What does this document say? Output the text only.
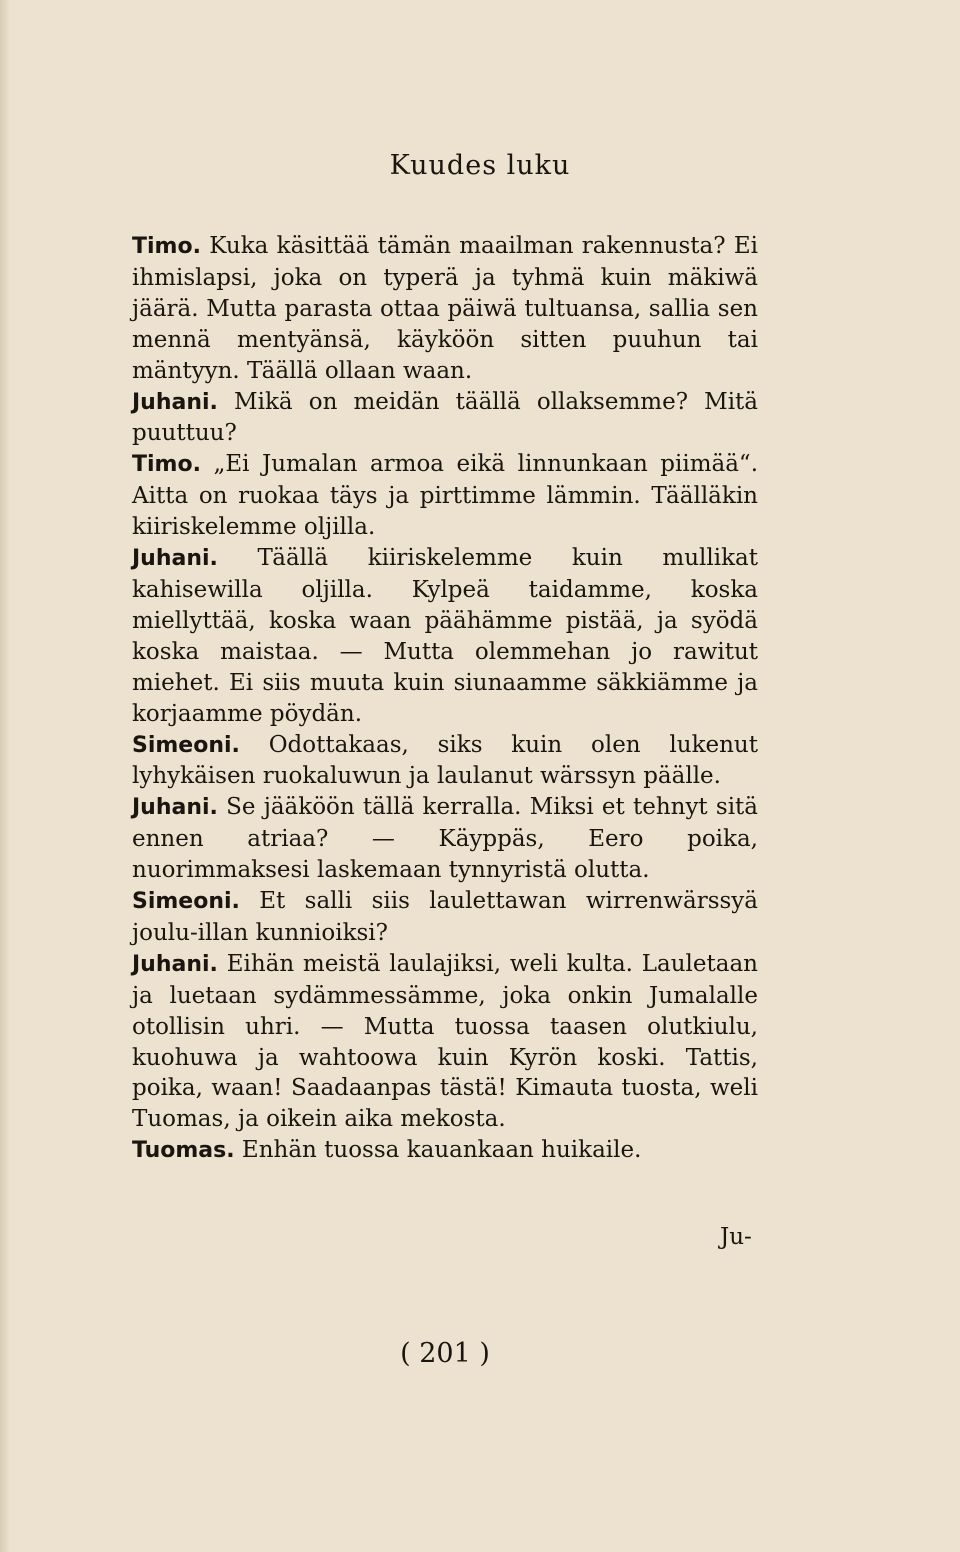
Kuudes luku

Timo. Kuka käsittää tämän maailman rakennusta? Ei ihmislapsi, joka on typerä ja tyhmä kuin mäkiwä jäärä. Mutta parasta ottaa päiwä tultuansa, sallia sen mennä mentyänsä, käyköön sitten puuhun tai mäntyyn. Täällä ollaan waan.

Juhani. Mikä on meidän täällä ollaksemme? Mitä puuttuu?

Timo. „Ei Jumalan armoa eikä linnunkaan piimää“. Aitta on ruokaa täys ja pirttimme lämmin. Täälläkin kiiriskelemme oljilla.

Juhani. Täällä kiiriskelemme kuin mullikat kahisewilla oljilla. Kylpeä taidamme, koska miellyttää, koska waan päähämme pistää, ja syödä koska maistaa. — Mutta olemmehan jo rawitut miehet. Ei siis muuta kuin siunaamme säkkiämme ja korjaamme pöydän.

Simeoni. Odottakaas, siks kuin olen lukenut lyhykäisen ruokaluwun ja laulanut wärssyn päälle.

Juhani. Se jääköön tällä kerralla. Miksi et tehnyt sitä ennen atriaa? — Käyppäs, Eero poika, nuorimmaksesi laskemaan tynnyristä olutta.

Simeoni. Et salli siis laulettawan wirrenwärssyä joulu-illan kunnioiksi?

Juhani. Eihän meistä laulajiksi, weli kulta. Lauletaan ja luetaan sydämmessämme, joka onkin Jumalalle otollisin uhri. — Mutta tuossa taasen olutkiulu, kuohuwa ja wahtoowa kuin Kyrön koski. Tattis, poika, waan! Saadaanpas tästä! Kimauta tuosta, weli Tuomas, ja oikein aika mekosta.

Tuomas. Enhän tuossa kauankaan huikaile.

Ju-
( 201 )
